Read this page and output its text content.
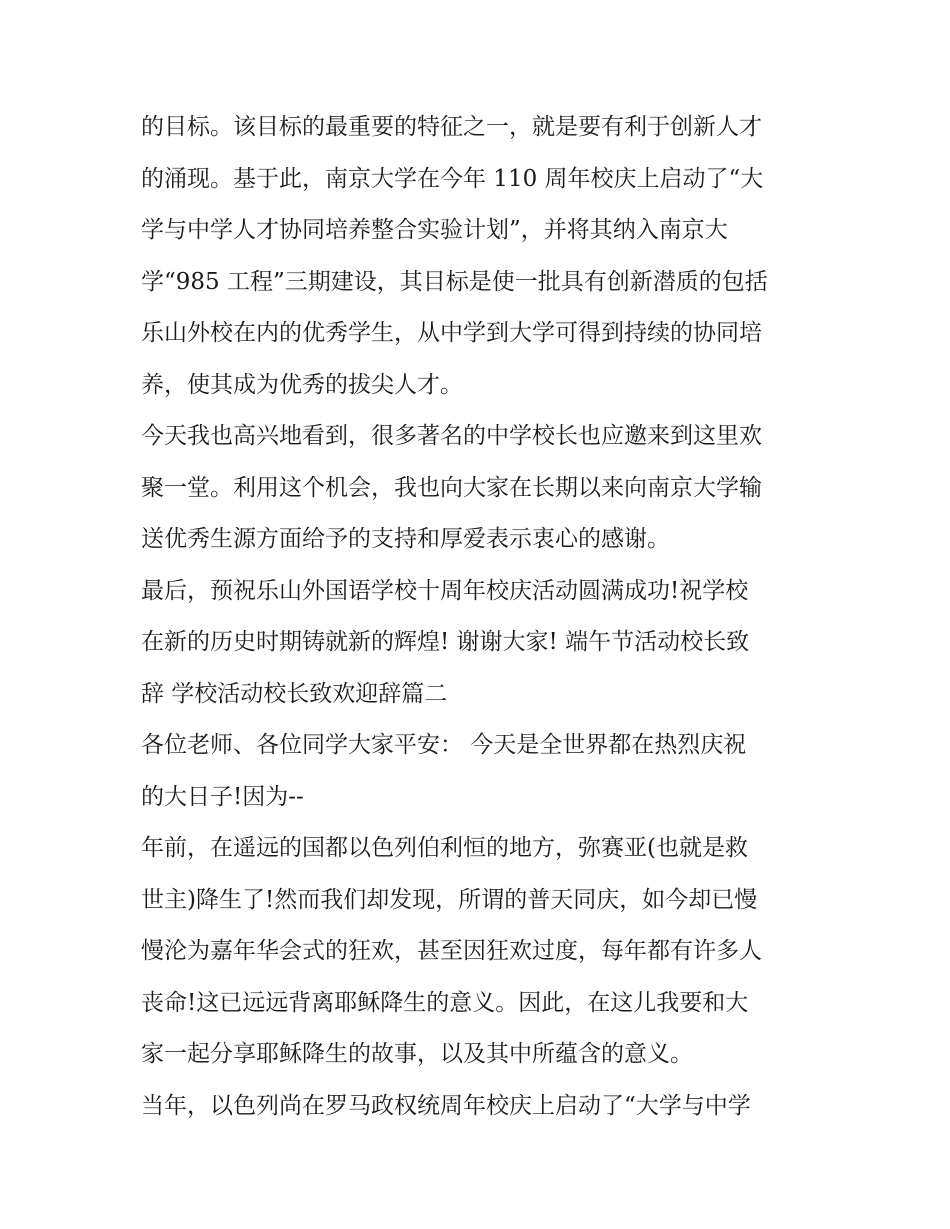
的目标。该目标的最重要的特征之一，就是要有利于创新人才
的涌现。基于此，南京大学在今年 110 周年校庆上启动了“大
学与中学人才协同培养整合实验计划”，并将其纳入南京大
学“985 工程”三期建设，其目标是使一批具有创新潜质的包括
乐山外校在内的优秀学生，从中学到大学可得到持续的协同培
养，使其成为优秀的拔尖人才。
今天我也高兴地看到，很多著名的中学校长也应邀来到这里欢
聚一堂。利用这个机会，我也向大家在长期以来向南京大学输
送优秀生源方面给予的支持和厚爱表示衷心的感谢。
最后，预祝乐山外国语学校十周年校庆活动圆满成功!祝学校
在新的历史时期铸就新的辉煌! 谢谢大家! 端午节活动校长致
辞 学校活动校长致欢迎辞篇二
各位老师、各位同学大家平安： 今天是全世界都在热烈庆祝
的大日子!因为--
年前，在遥远的国都以色列伯利恒的地方，弥赛亚(也就是救
世主)降生了!然而我们却发现，所谓的普天同庆，如今却已慢
慢沦为嘉年华会式的狂欢，甚至因狂欢过度，每年都有许多人
丧命!这已远远背离耶稣降生的意义。因此，在这儿我要和大
家一起分享耶稣降生的故事，以及其中所蕴含的意义。
当年，以色列尚在罗马政权统周年校庆上启动了“大学与中学
